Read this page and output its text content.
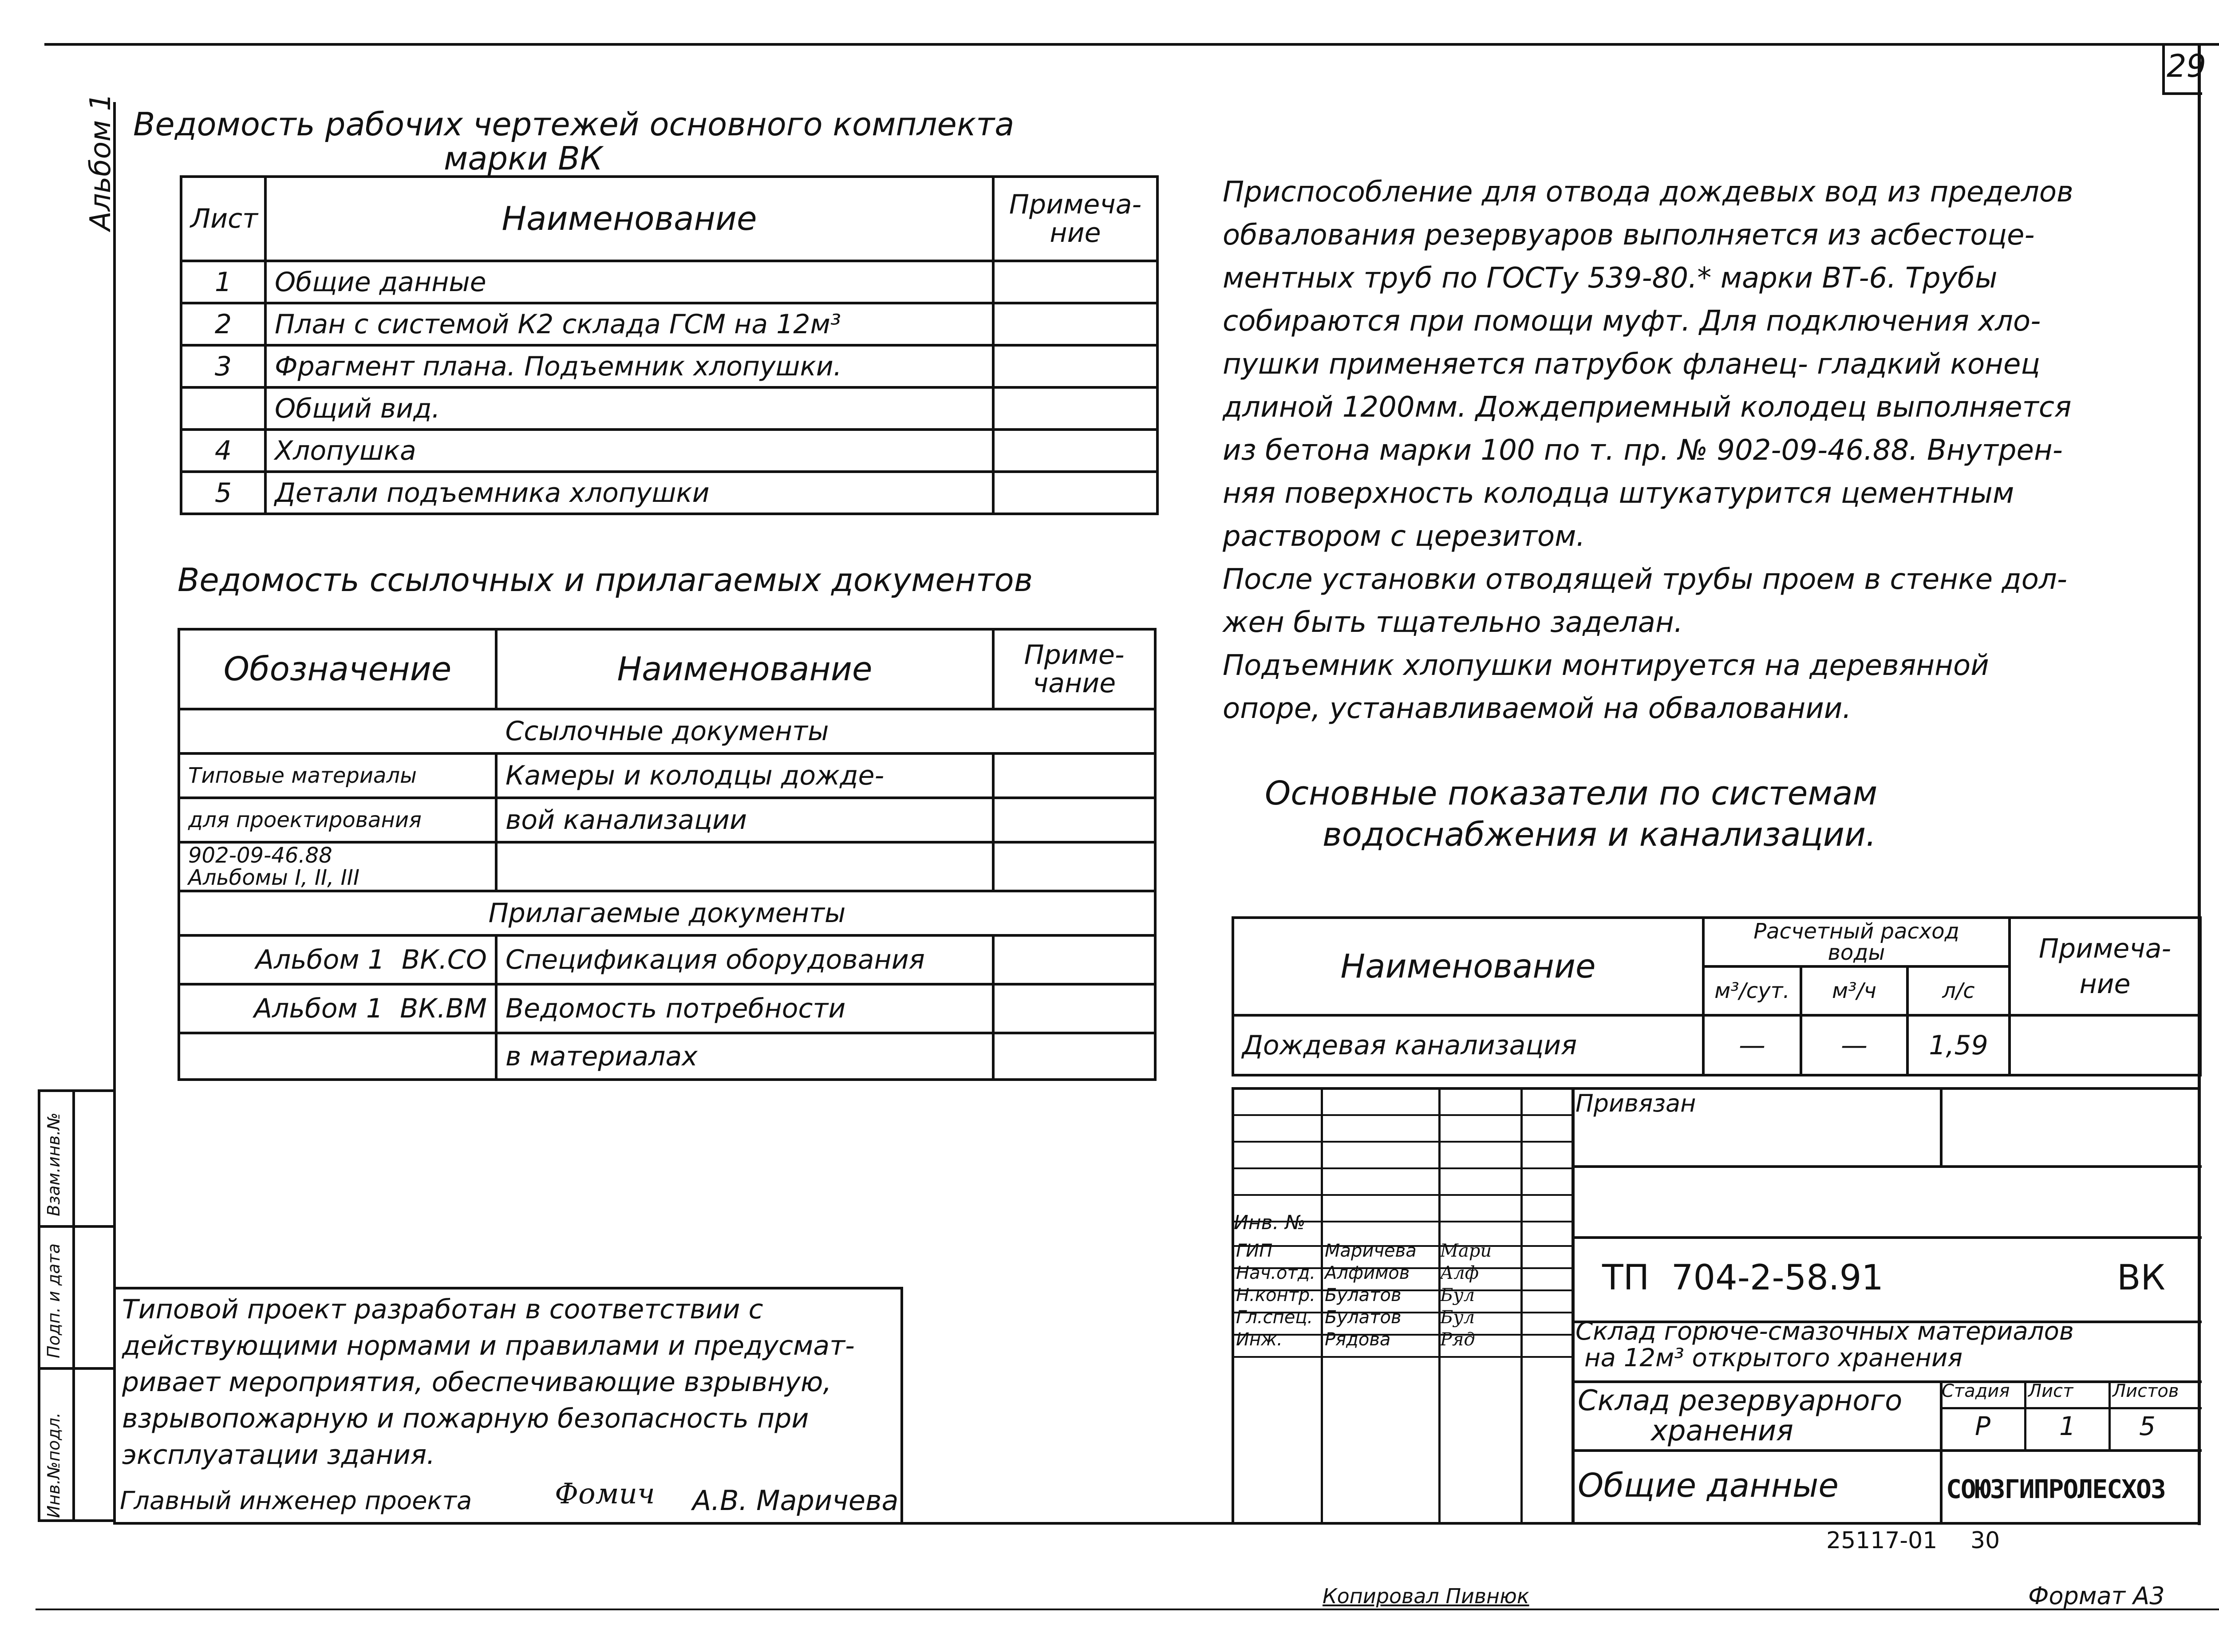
29
Альбом 1
Взам.инв.№
Подп. и дата
Инв.№подл.
Ведомость рабочих чертежей основного комплекта
марки ВК
Лист	Наименование	Примеча-
ние
1	Общие данные	
2	План с системой К2 склада ГСМ на 12м³	
3	Фрагмент плана. Подъемник хлопушки.	
	Общий вид.	
4	Хлопушка	
5	Детали подъемника хлопушки	
Ведомость ссылочных и прилагаемых документов
Обозначение	Наименование	Приме-
чание
Ссылочные документы		
Типовые материалы	Камеры и колодцы дожде-	
для проектирования	вой канализации	
902-09-46.88
Альбомы I, II, III		
Прилагаемые документы		
Альбом 1 ВК.СО	Спецификация оборудования	
Альбом 1 ВК.ВМ	Ведомость потребности	
	в материалах	

Приспособление для отвода дождевых вод из пределов

обвалования резервуаров выполняется из асбестоце-

ментных труб по ГОСТу 539-80.* марки ВТ-6. Трубы

собираются при помощи муфт. Для подключения хло-

пушки применяется патрубок фланец- гладкий конец

длиной 1200мм. Дождеприемный колодец выполняется

из бетона марки 100 по т. пр. № 902-09-46.88. Внутрен-

няя поверхность колодца штукатурится цементным

раствором с церезитом.

После установки отводящей трубы проем в стенке дол-

жен быть тщательно заделан.

Подъемник хлопушки монтируется на деревянной

опоре, устанавливаемой на обваловании.

Основные показатели по системам
водоснабжения и канализации.
Наименование	Расчетный расход
воды			Примеча-
ние
	м³/сут.	м³/ч	л/с	
Дождевая канализация	—	—	1,59	

Типовой проект разработан в соответствии с

действующими нормами и правилами и предусмат-

ривает мероприятия, обеспечивающие взрывную,

взрывопожарную и пожарную безопасность при

эксплуатации здания.

Главный инженер проекта	Фомич А.В. Маричева
Привязан
Инв. №
ГИП	Маричева Мари
Нач.отд. Алфимов Алф
Н.контр. Булатов Бул
Гл.спец. Булатов Бул
Инж. Рядова	Ряд
ТП  704-2-58.91	ВК
Склад горюче-смазочных материалов
на 12м³ открытого хранения
Склад резервуарного
хранения
Стадия Лист Листов
Р	1 5
Общие данные	СОЮЗГИПРОЛЕСХОЗ
25117-01 30
Копировал Пивнюк	Формат А3
